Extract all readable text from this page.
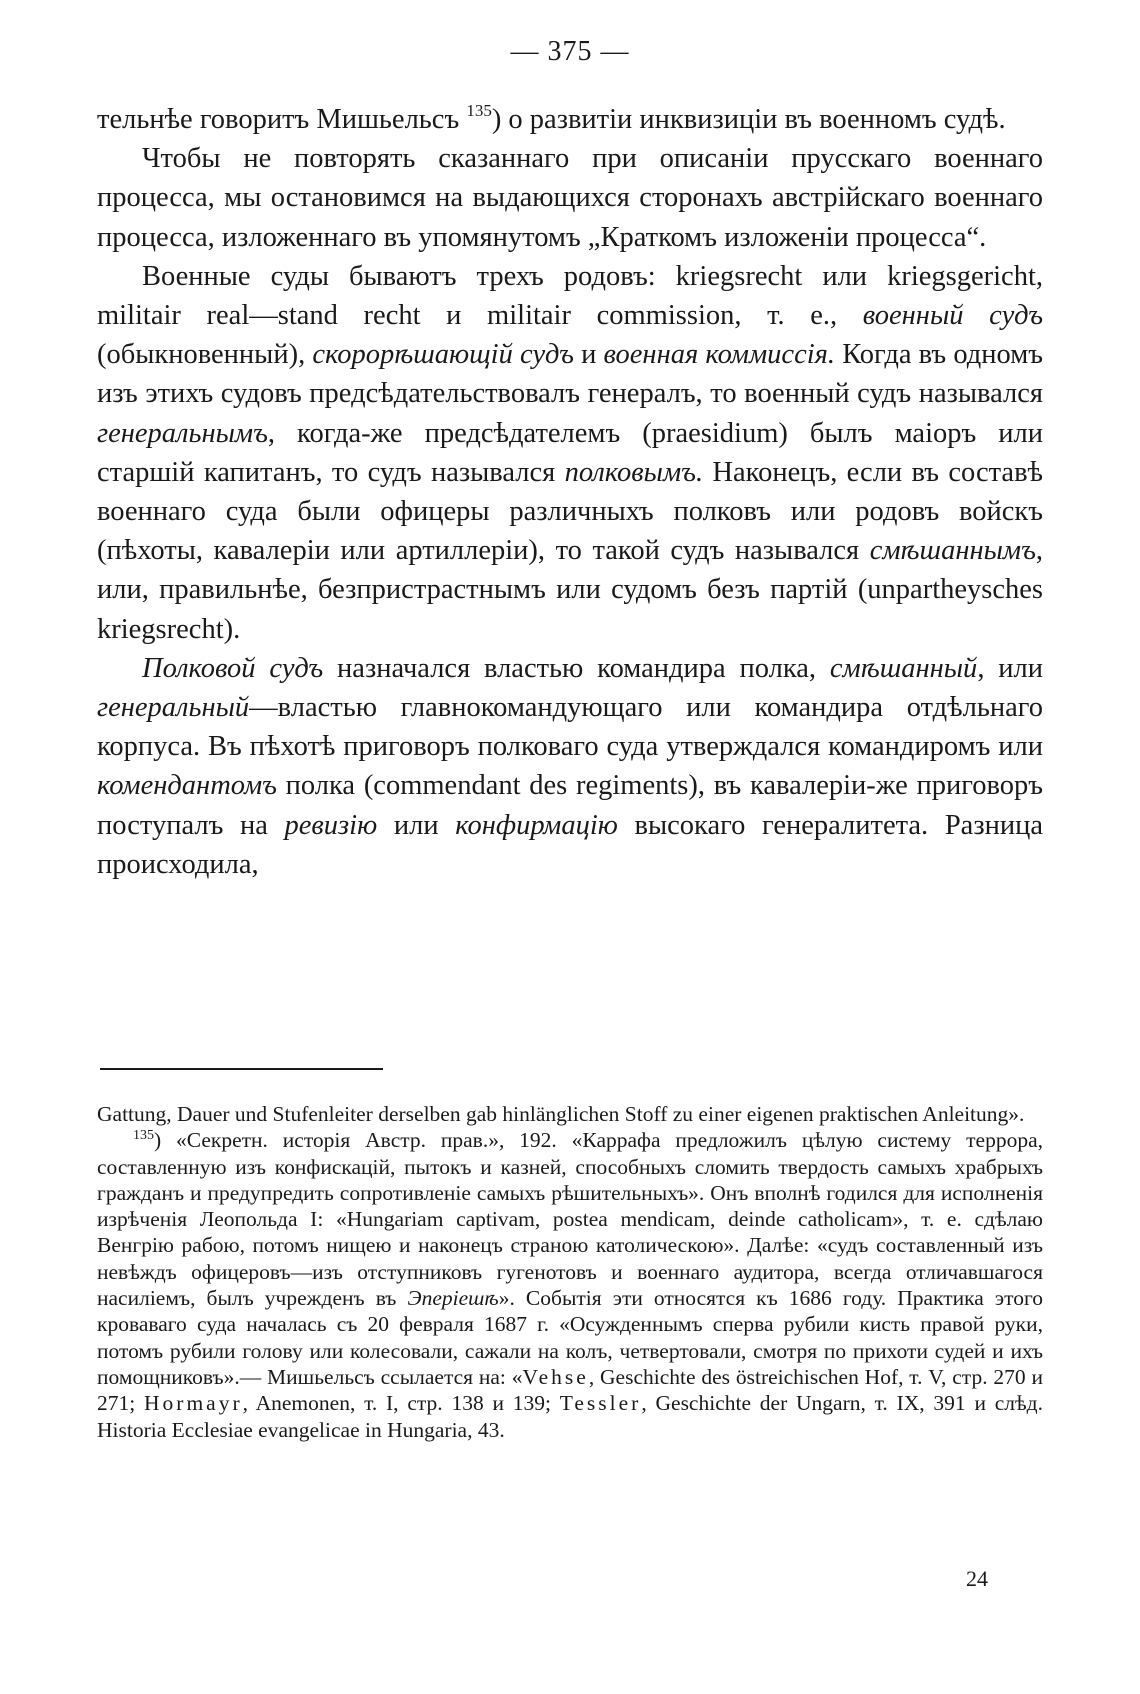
— 375 —

тельнѣе говоритъ Мишьельсъ $^{135}$) о развитiи инквизицiи въ военномъ судѣ.

Чтобы не повторять сказаннаго при описанiи прусскаго военнаго процесса, мы остановимся на выдающихся сторонахъ австрiйскаго военнаго процесса, изложеннаго въ упомянутомъ „Краткомъ изложенiи процесса“.

Военные суды бываютъ трехъ родовъ: kriegsrecht или kriegsgericht, militair real—stand recht и militair commission, т. е., военный судъ (обыкновенный), скорорѣшающiй судъ и военная коммиссiя. Когда въ одномъ изъ этихъ судовъ предсѣдательствовалъ генералъ, то военный судъ назывался генеральнымъ, когда-же предсѣдателемъ (praesidium) былъ маiоръ или старшiй капитанъ, то судъ назывался полковымъ. Наконецъ, если въ составѣ военнаго суда были офицеры различныхъ полковъ или родовъ войскъ (пѣхоты, кавалерiи или артиллерiи), то такой судъ назывался смѣшаннымъ, или, правильнѣе, безпристрастнымъ или судомъ безъ партiй (unpartheysches kriegsrecht).

Полковой судъ назначался властью командира полка, смѣшанный, или генеральный—властью главнокомандующаго или командира отдѣльнаго корпуса. Въ пѣхотѣ приговоръ полковаго суда утверждался командиромъ или комендантомъ полка (commendant des regiments), въ кавалерiи-же приговоръ поступалъ на ревизiю или конфирмацiю высокаго генералитета. Разница происходила,

Gattung, Dauer und Stufenleiter derselben gab hinlänglichen Stoff zu einer eigenen praktischen Anleitung».

$^{135}$) «Секретн. исторiя Австр. прав.», 192. «Каррафа предложилъ цѣлую систему террора, составленную изъ конфискацiй, пытокъ и казней, способныхъ сломить твердость самыхъ храбрыхъ гражданъ и предупредить сопротивленiе самыхъ рѣшительныхъ». Онъ вполнѣ годился для исполненiя изрѣченiя Леопольда I: «Hungariam captivam, postea mendicam, deinde catholicam», т. е. сдѣлаю Венгрiю рабою, потомъ нищею и наконецъ страною католическою». Далѣе: «судъ составленный изъ невѣждъ офицеровъ—изъ отступниковъ гугенотовъ и военнаго аудитора, всегда отличавшагося насилiемъ, былъ учрежденъ въ Эперiешѣ». Событiя эти относятся къ 1686 году. Практика этого кроваваго суда началась съ 20 февраля 1687 г. «Осужденнымъ сперва рубили кисть правой руки, потомъ рубили голову или колесовали, сажали на колъ, четвертовали, смотря по прихоти судей и ихъ помощниковъ».— Мишьельсъ ссылается на: «Vehse, Geschichte des östreichischen Hof, т. V, стр. 270 и 271; Hormayr, Anemonen, т. I, стр. 138 и 139; Tessler, Geschichte der Ungarn, т. IX, 391 и слѣд. Historia Ecclesiae evangelicae in Hungaria, 43.

24
